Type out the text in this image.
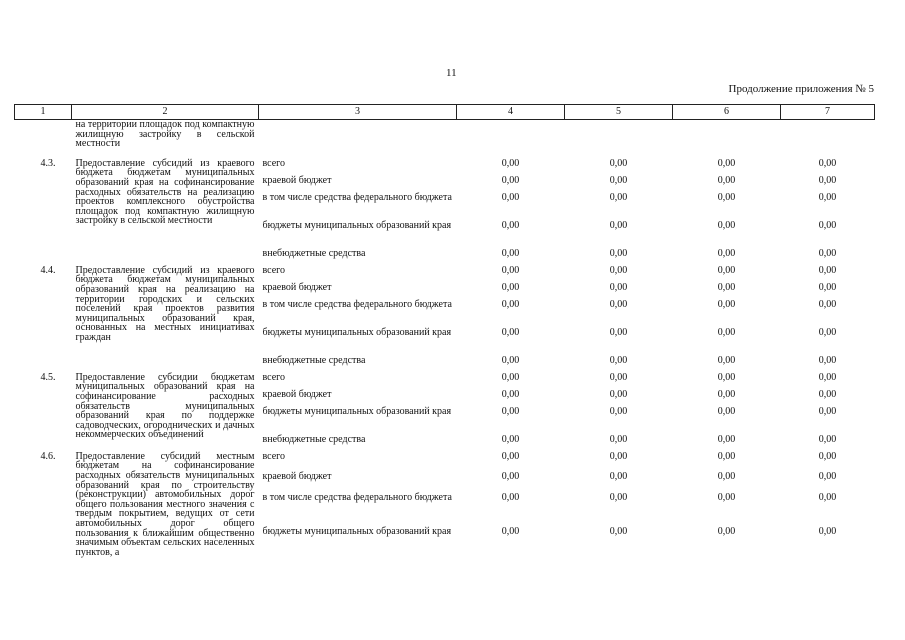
11
Продолжение приложения № 5
1	2	3	4	5	6	7
	на территории площадок под компактную жилищную застройку в сельской местности					
4.3.	Предоставление субсидий из краевого бюджета бюджетам муниципальных образований края на софинансирование расходных обязательств на реализацию проектов комплексного обустройства площадок под компактную жилищную застройку в сельской местности	всего	0,00	0,00	0,00	0,00
		краевой бюджет	0,00	0,00	0,00	0,00
		в том числе средства федерального бюджета	0,00	0,00	0,00	0,00
		бюджеты муниципальных образований края	0,00	0,00	0,00	0,00
		внебюджетные средства	0,00	0,00	0,00	0,00
4.4.	Предоставление субсидий из краевого бюджета бюджетам муниципальных образований края на реализацию на территории городских и сельских поселений края проектов развития муниципальных образований края, основанных на местных инициативах граждан	всего	0,00	0,00	0,00	0,00
		краевой бюджет	0,00	0,00	0,00	0,00
		в том числе средства федерального бюджета	0,00	0,00	0,00	0,00
		бюджеты муниципальных образований края	0,00	0,00	0,00	0,00
		внебюджетные средства	0,00	0,00	0,00	0,00
4.5.	Предоставление субсидии бюджетам муниципальных образований края на софинансирование расходных обязательств муниципальных образований края по поддержке садоводческих, огороднических и дачных некоммерческих объединений	всего	0,00	0,00	0,00	0,00
		краевой бюджет	0,00	0,00	0,00	0,00
		бюджеты муниципальных образований края	0,00	0,00	0,00	0,00
		внебюджетные средства	0,00	0,00	0,00	0,00
4.6.	Предоставление субсидий местным бюджетам на софинансирование расходных обязательств муниципальных образований края по строительству (реконструкции) автомобильных дорог общего пользования местного значения с твердым покрытием, ведущих от сети автомобильных дорог общего пользования к ближайшим общественно значимым объектам сельских населенных пунктов, а	всего	0,00	0,00	0,00	0,00
		краевой бюджет	0,00	0,00	0,00	0,00
		в том числе средства федерального бюджета	0,00	0,00	0,00	0,00
		бюджеты муниципальных образований края	0,00	0,00	0,00	0,00
